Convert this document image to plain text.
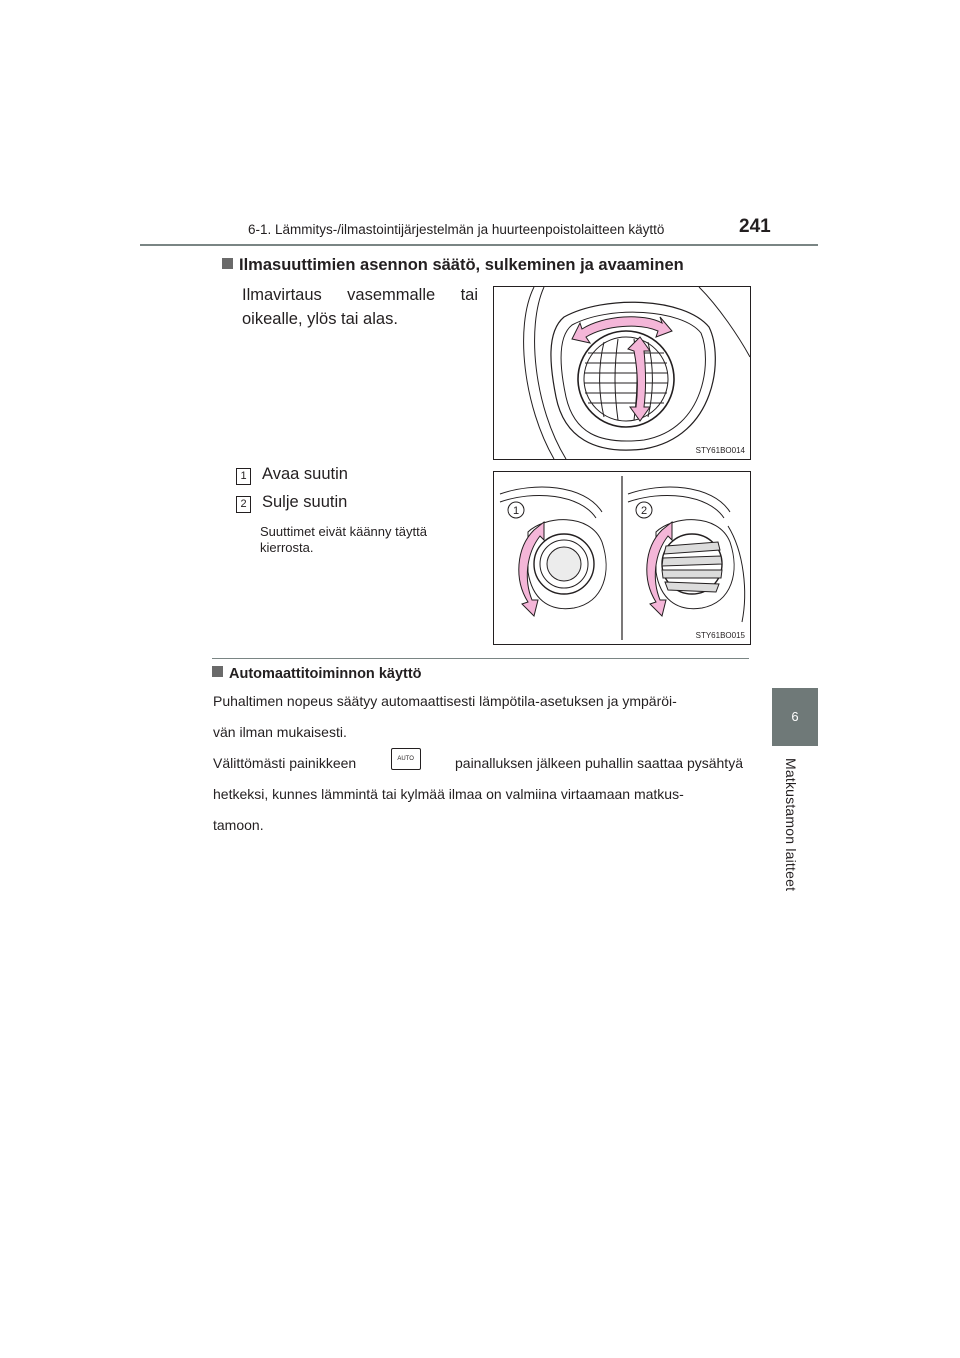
6-1. Lämmitys-/ilmastointijärjestelmän ja huurteenpoistolaitteen käyttö	241
6
Matkustamon laitteet
Ilmasuuttimien asennon säätö, sulkeminen ja avaaminen
Ilmavirtaus vasemmalle tai
oikealle, ylös tai alas.
STY61BO014
1 Avaa suutin
2 Sulje suutin
Suuttimet eivät käänny täyttä kierrosta.
1	2
STY61BO015
Automaattitoiminnon käyttö
Puhaltimen nopeus säätyy automaattisesti lämpötila-asetuksen ja ympäröi-
vän ilman mukaisesti.
Välittömästi painikkeen	AUTO	painalluksen jälkeen puhallin saattaa pysähtyä
hetkeksi, kunnes lämmintä tai kylmää ilmaa on valmiina virtaamaan matkus-
tamoon.
